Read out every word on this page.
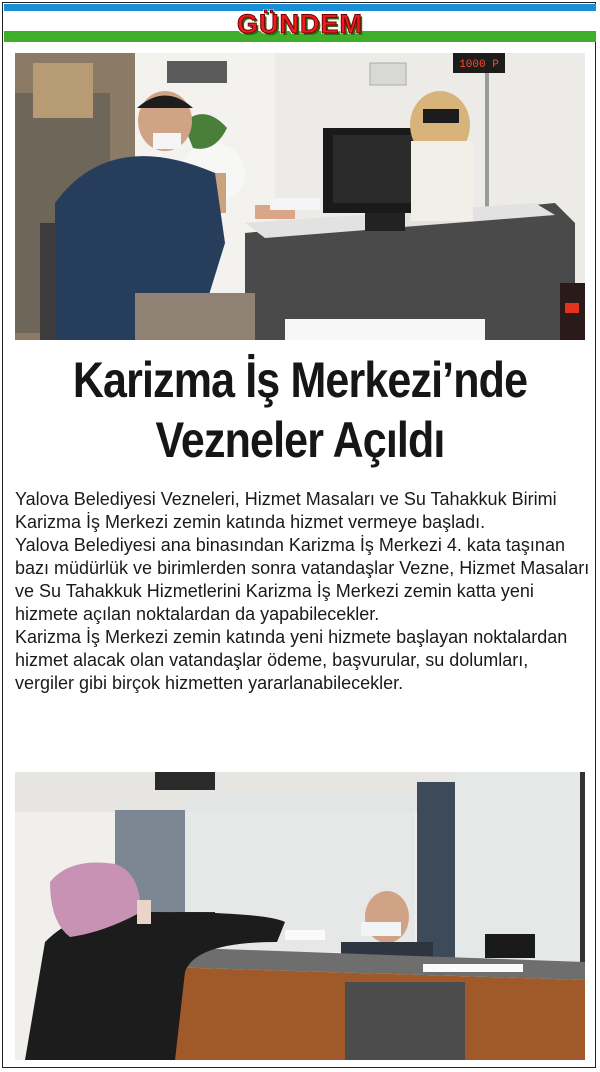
GÜNDEM
1000 P
Karizma İş Merkezi’nde
Vezneler Açıldı

Yalova Belediyesi Vezneleri, Hizmet Masaları ve Su Tahakkuk Birimi Karizma İş Merkezi zemin katında hizmet vermeye başladı.

Yalova Belediyesi ana binasından Karizma İş Merkezi 4. kata taşınan bazı müdürlük ve birimlerden sonra vatandaşlar Vezne, Hizmet Masaları ve Su Tahakkuk Hizmetlerini Karizma İş Merkezi zemin katta yeni hizmete açılan noktalardan da yapabilecekler.

Karizma İş Merkezi zemin katında yeni hizmete başlayan noktalardan hizmet alacak olan vatandaşlar ödeme, başvurular, su dolumları, vergiler gibi birçok hizmetten yararlanabilecekler.
